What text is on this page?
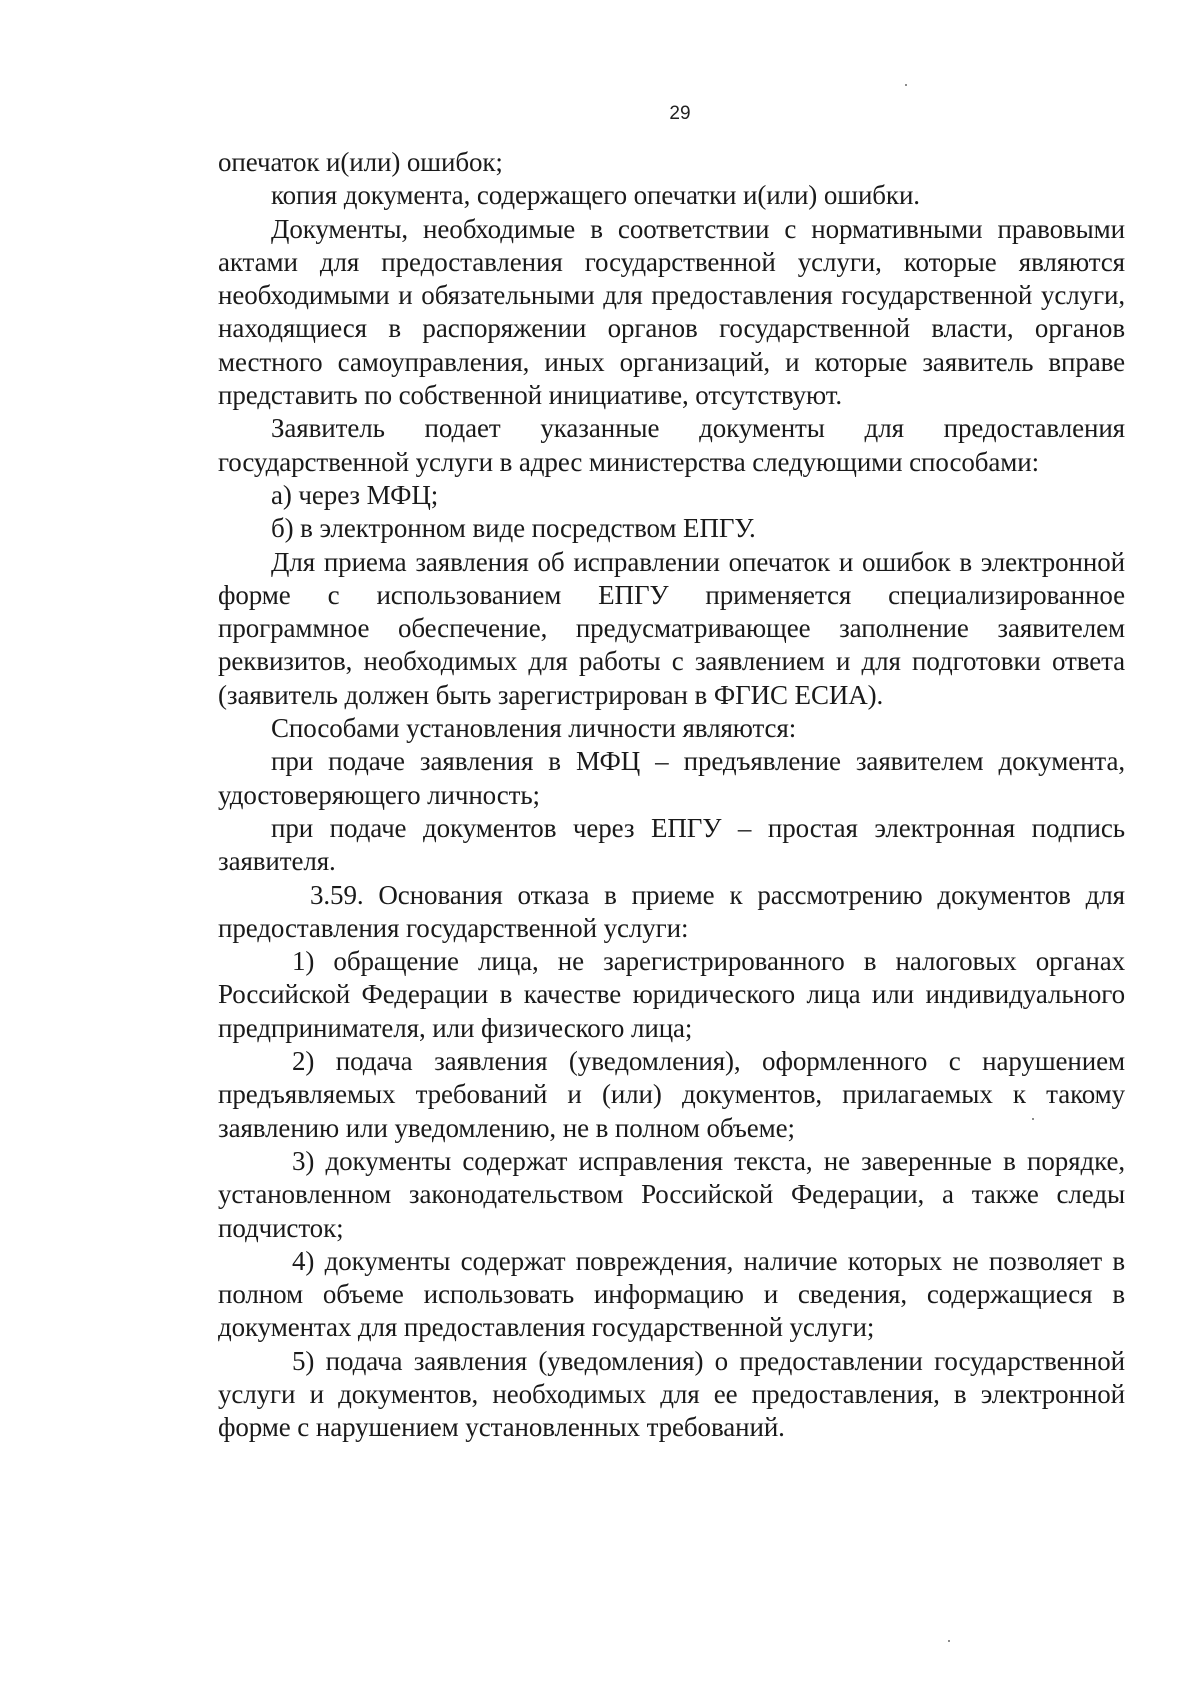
29

опечаток и(или) ошибок;

копия документа, содержащего опечатки и(или) ошибки.

Документы, необходимые в соответствии с нормативными правовыми актами для предоставления государственной услуги, которые являются необходимыми и обязательными для предоставления государственной услуги, находящиеся в распоряжении органов государственной власти, органов местного самоуправления, иных организаций, и которые заявитель вправе представить по собственной инициативе, отсутствуют.

Заявитель подает указанные документы для предоставления государственной услуги в адрес министерства следующими способами:

а) через МФЦ;

б) в электронном виде посредством ЕПГУ.

Для приема заявления об исправлении опечаток и ошибок в электронной форме с использованием ЕПГУ применяется специализированное программное обеспечение, предусматривающее заполнение заявителем реквизитов, необходимых для работы с заявлением и для подготовки ответа (заявитель должен быть зарегистрирован в ФГИС ЕСИА).

Способами установления личности являются:

при подаче заявления в МФЦ – предъявление заявителем документа, удостоверяющего личность;

при подаче документов через ЕПГУ – простая электронная подпись заявителя.

3.59. Основания отказа в приеме к рассмотрению документов для предоставления государственной услуги:

1) обращение лица, не зарегистрированного в налоговых органах Российской Федерации в качестве юридического лица или индивидуального предпринимателя, или физического лица;

2) подача заявления (уведомления), оформленного с нарушением предъявляемых требований и (или) документов, прилагаемых к такому заявлению или уведомлению, не в полном объеме;

3) документы содержат исправления текста, не заверенные в порядке, установленном законодательством Российской Федерации, а также следы подчисток;

4) документы содержат повреждения, наличие которых не позволяет в полном объеме использовать информацию и сведения, содержащиеся в документах для предоставления государственной услуги;

5) подача заявления (уведомления) о предоставлении государственной услуги и документов, необходимых для ее предоставления, в электронной форме с нарушением установленных требований.
